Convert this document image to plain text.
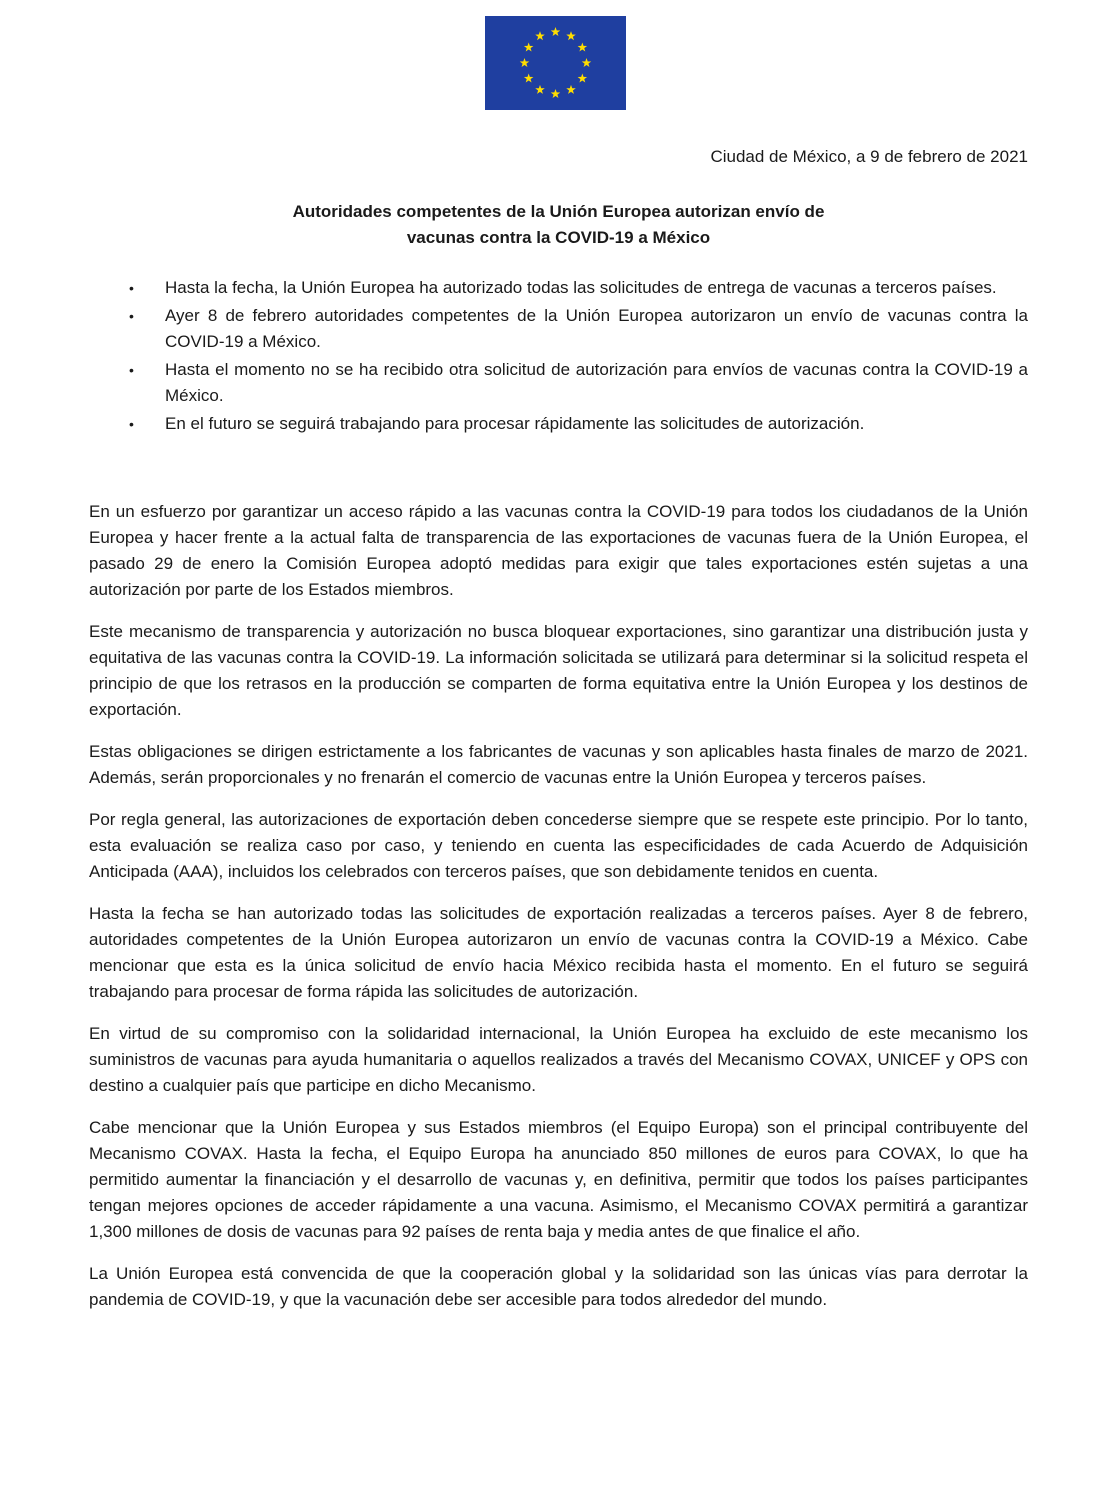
Ciudad de México, a 9 de febrero de 2021
Autoridades competentes de la Unión Europea autorizan envío de
vacunas contra la COVID-19 a México
• Hasta la fecha, la Unión Europea ha autorizado todas las solicitudes de entrega de vacunas a terceros países.
• Ayer 8 de febrero autoridades competentes de la Unión Europea autorizaron un envío de vacunas contra la COVID-19 a México.
• Hasta el momento no se ha recibido otra solicitud de autorización para envíos de vacunas contra la COVID-19 a México.
• En el futuro se seguirá trabajando para procesar rápidamente las solicitudes de autorización.

En un esfuerzo por garantizar un acceso rápido a las vacunas contra la COVID-19 para todos los ciudadanos de la Unión Europea y hacer frente a la actual falta de transparencia de las exportaciones de vacunas fuera de la Unión Europea, el pasado 29 de enero la Comisión Europea adoptó medidas para exigir que tales exportaciones estén sujetas a una autorización por parte de los Estados miembros.

Este mecanismo de transparencia y autorización no busca bloquear exportaciones, sino garantizar una distribución justa y equitativa de las vacunas contra la COVID-19. La información solicitada se utilizará para determinar si la solicitud respeta el principio de que los retrasos en la producción se comparten de forma equitativa entre la Unión Europea y los destinos de exportación.

Estas obligaciones se dirigen estrictamente a los fabricantes de vacunas y son aplicables hasta finales de marzo de 2021. Además, serán proporcionales y no frenarán el comercio de vacunas entre la Unión Europea y terceros países.

Por regla general, las autorizaciones de exportación deben concederse siempre que se respete este principio. Por lo tanto, esta evaluación se realiza caso por caso, y teniendo en cuenta las especificidades de cada Acuerdo de Adquisición Anticipada (AAA), incluidos los celebrados con terceros países, que son debidamente tenidos en cuenta.

Hasta la fecha se han autorizado todas las solicitudes de exportación realizadas a terceros países. Ayer 8 de febrero, autoridades competentes de la Unión Europea autorizaron un envío de vacunas contra la COVID-19 a México. Cabe mencionar que esta es la única solicitud de envío hacia México recibida hasta el momento. En el futuro se seguirá trabajando para procesar de forma rápida las solicitudes de autorización.

En virtud de su compromiso con la solidaridad internacional, la Unión Europea ha excluido de este mecanismo los suministros de vacunas para ayuda humanitaria o aquellos realizados a través del Mecanismo COVAX, UNICEF y OPS con destino a cualquier país que participe en dicho Mecanismo.

Cabe mencionar que la Unión Europea y sus Estados miembros (el Equipo Europa) son el principal contribuyente del Mecanismo COVAX. Hasta la fecha, el Equipo Europa ha anunciado 850 millones de euros para COVAX, lo que ha permitido aumentar la financiación y el desarrollo de vacunas y, en definitiva, permitir que todos los países participantes tengan mejores opciones de acceder rápidamente a una vacuna. Asimismo, el Mecanismo COVAX permitirá a garantizar 1,300 millones de dosis de vacunas para 92 países de renta baja y media antes de que finalice el año.

La Unión Europea está convencida de que la cooperación global y la solidaridad son las únicas vías para derrotar la pandemia de COVID-19, y que la vacunación debe ser accesible para todos alrededor del mundo.
